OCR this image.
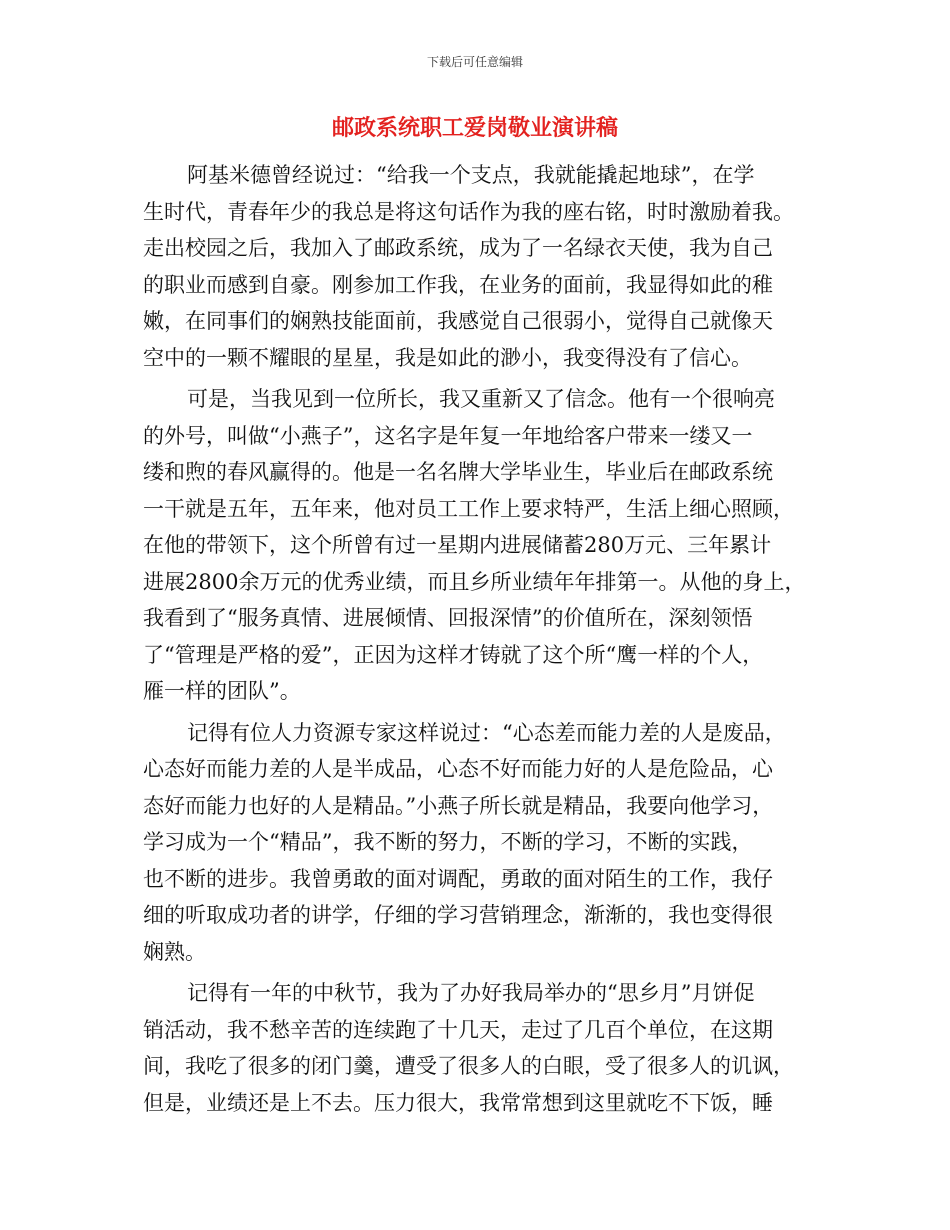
下载后可任意编辑
邮政系统职工爱岗敬业演讲稿
阿基米德曾经说过：“给我一个支点，我就能撬起地球”，在学
生时代，青春年少的我总是将这句话作为我的座右铭，时时激励着我。
走出校园之后，我加入了邮政系统，成为了一名绿衣天使，我为自己
的职业而感到自豪。刚参加工作我，在业务的面前，我显得如此的稚
嫩，在同事们的娴熟技能面前，我感觉自己很弱小，觉得自己就像天
空中的一颗不耀眼的星星，我是如此的渺小，我变得没有了信心。
可是，当我见到一位所长，我又重新又了信念。他有一个很响亮
的外号，叫做“小燕子”，这名字是年复一年地给客户带来一缕又一
缕和煦的春风赢得的。他是一名名牌大学毕业生，毕业后在邮政系统
一干就是五年，五年来，他对员工工作上要求特严，生活上细心照顾，
在他的带领下，这个所曾有过一星期内进展储蓄280万元、三年累计
进展2800余万元的优秀业绩，而且乡所业绩年年排第一。从他的身上，
我看到了“服务真情、进展倾情、回报深情”的价值所在，深刻领悟
了“管理是严格的爱”，正因为这样才铸就了这个所“鹰一样的个人，
雁一样的团队”。
记得有位人力资源专家这样说过：“心态差而能力差的人是废品，
心态好而能力差的人是半成品，心态不好而能力好的人是危险品，心
态好而能力也好的人是精品。”小燕子所长就是精品，我要向他学习，
学习成为一个“精品”，我不断的努力，不断的学习，不断的实践，
也不断的进步。我曾勇敢的面对调配，勇敢的面对陌生的工作，我仔
细的听取成功者的讲学，仔细的学习营销理念，渐渐的，我也变得很
娴熟。
记得有一年的中秋节，我为了办好我局举办的“思乡月”月饼促
销活动，我不愁辛苦的连续跑了十几天，走过了几百个单位，在这期
间，我吃了很多的闭门羹，遭受了很多人的白眼，受了很多人的讥讽，
但是，业绩还是上不去。压力很大，我常常想到这里就吃不下饭，睡
